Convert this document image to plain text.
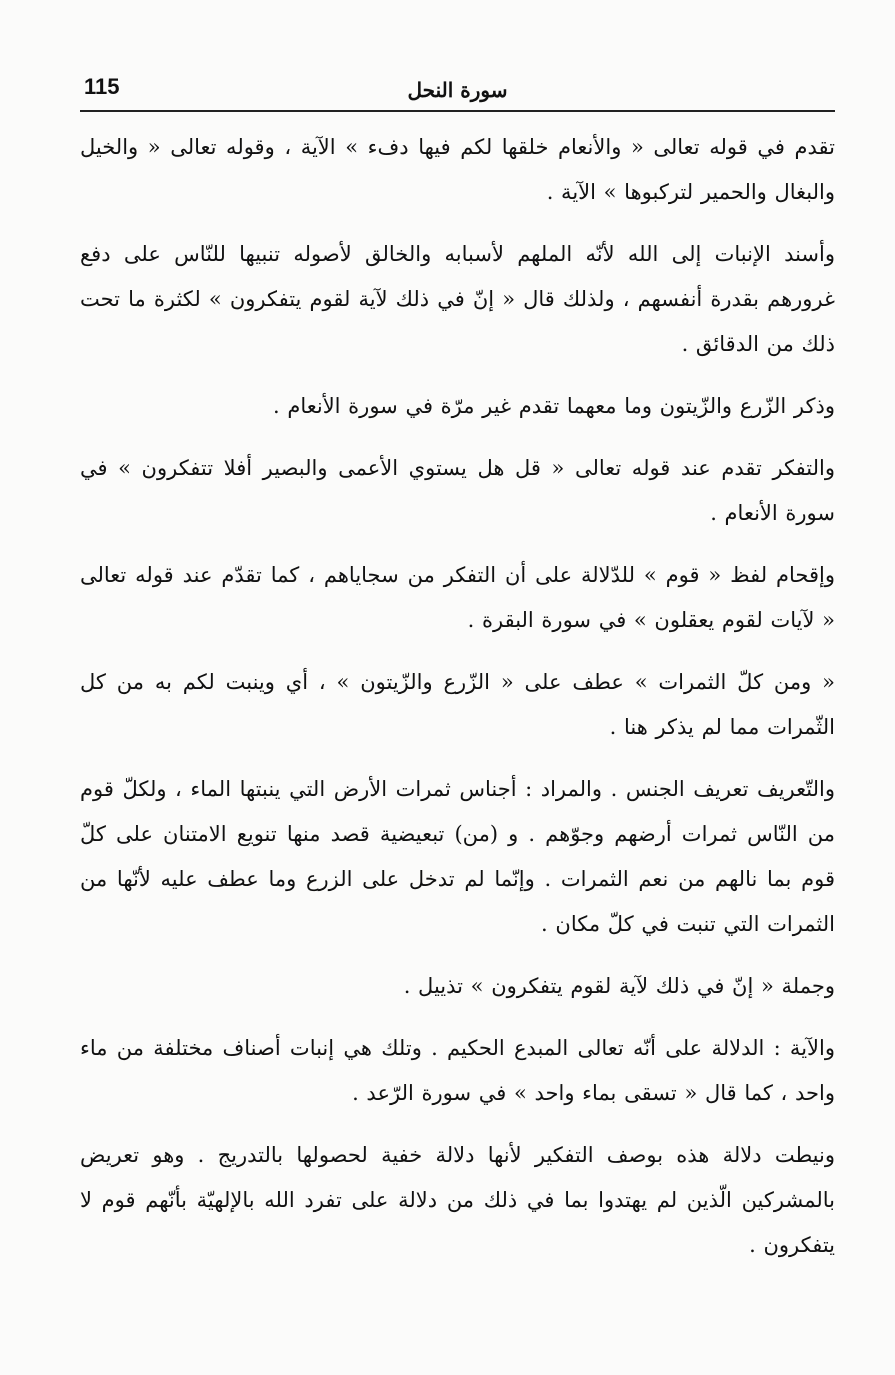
115	سورة النحل

تقدم في قوله تعالى « والأنعام خلقها لكم فيها دفء » الآية ، وقوله تعالى « والخيل والبغال والحمير لتركبوها » الآية .

وأسند الإنبات إلى الله لأنّه الملهم لأسبابه والخالق لأصوله تنبيها للنّاس على دفع غرورهم بقدرة أنفسهم ، ولذلك قال « إنّ في ذلك لآية لقوم يتفكرون » لكثرة ما تحت ذلك من الدقائق .

وذكر الزّرع والزّيتون وما معهما تقدم غير مرّة في سورة الأنعام .

والتفكر تقدم عند قوله تعالى « قل هل يستوي الأعمى والبصير أفلا تتفكرون » في سورة الأنعام .

وإقحام لفظ « قوم » للدّلالة على أن التفكر من سجاياهم ، كما تقدّم عند قوله تعالى « لآيات لقوم يعقلون » في سورة البقرة .

« ومن كلّ الثمرات » عطف على « الزّرع والزّيتون » ، أي وينبت لكم به من كل الثّمرات مما لم يذكر هنا .

والتّعريف تعريف الجنس . والمراد : أجناس ثمرات الأرض التي ينبتها الماء ، ولكلّ قوم من النّاس ثمرات أرضهم وجوّهم . و (من) تبعيضية قصد منها تنويع الامتنان على كلّ قوم بما نالهم من نعم الثمرات . وإنّما لم تدخل على الزرع وما عطف عليه لأنّها من الثمرات التي تنبت في كلّ مكان .

وجملة « إنّ في ذلك لآية لقوم يتفكرون » تذييل .

والآية : الدلالة على أنّه تعالى المبدع الحكيم . وتلك هي إنبات أصناف مختلفة من ماء واحد ، كما قال « تسقى بماء واحد » في سورة الرّعد .

ونيطت دلالة هذه بوصف التفكير لأنها دلالة خفية لحصولها بالتدريج . وهو تعريض بالمشركين الّذين لم يهتدوا بما في ذلك من دلالة على تفرد الله بالإلهيّة بأنّهم قوم لا يتفكرون .
